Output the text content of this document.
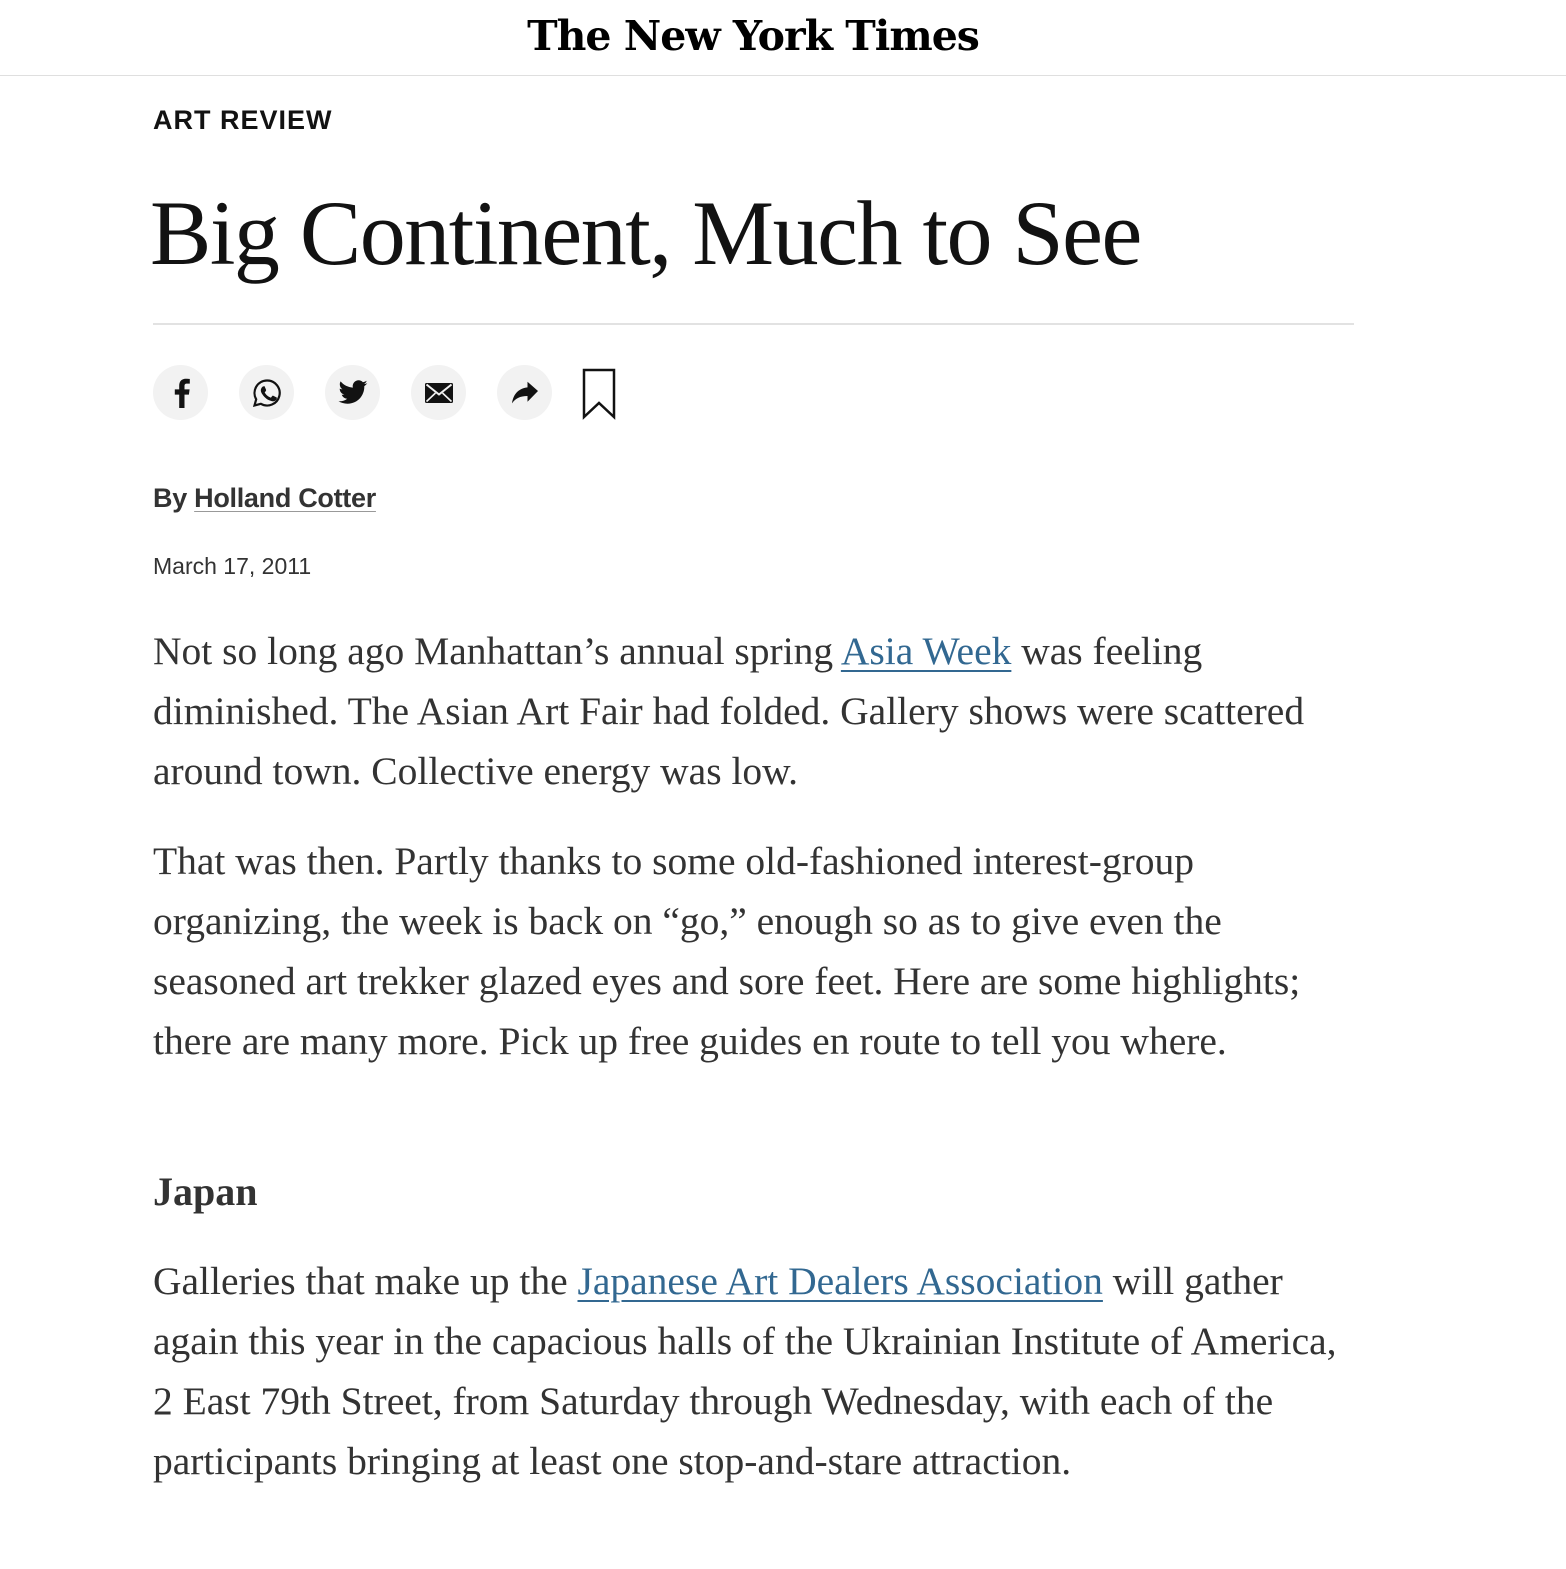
The New York Times
ART REVIEW
Big Continent, Much to See
By Holland Cotter
March 17, 2011

Not so long ago Manhattan’s annual spring Asia Week was feeling diminished. The Asian Art Fair had folded. Gallery shows were scattered around town. Collective energy was low.

That was then. Partly thanks to some old-fashioned interest-group organizing, the week is back on “go,” enough so as to give even the seasoned art trekker glazed eyes and sore feet. Here are some highlights; there are many more. Pick up free guides en route to tell you where.

Japan

Galleries that make up the Japanese Art Dealers Association will gather again this year in the capacious halls of the Ukrainian Institute of America, 2 East 79th Street, from Saturday through Wednesday, with each of the participants bringing at least one stop-and-stare attraction.
